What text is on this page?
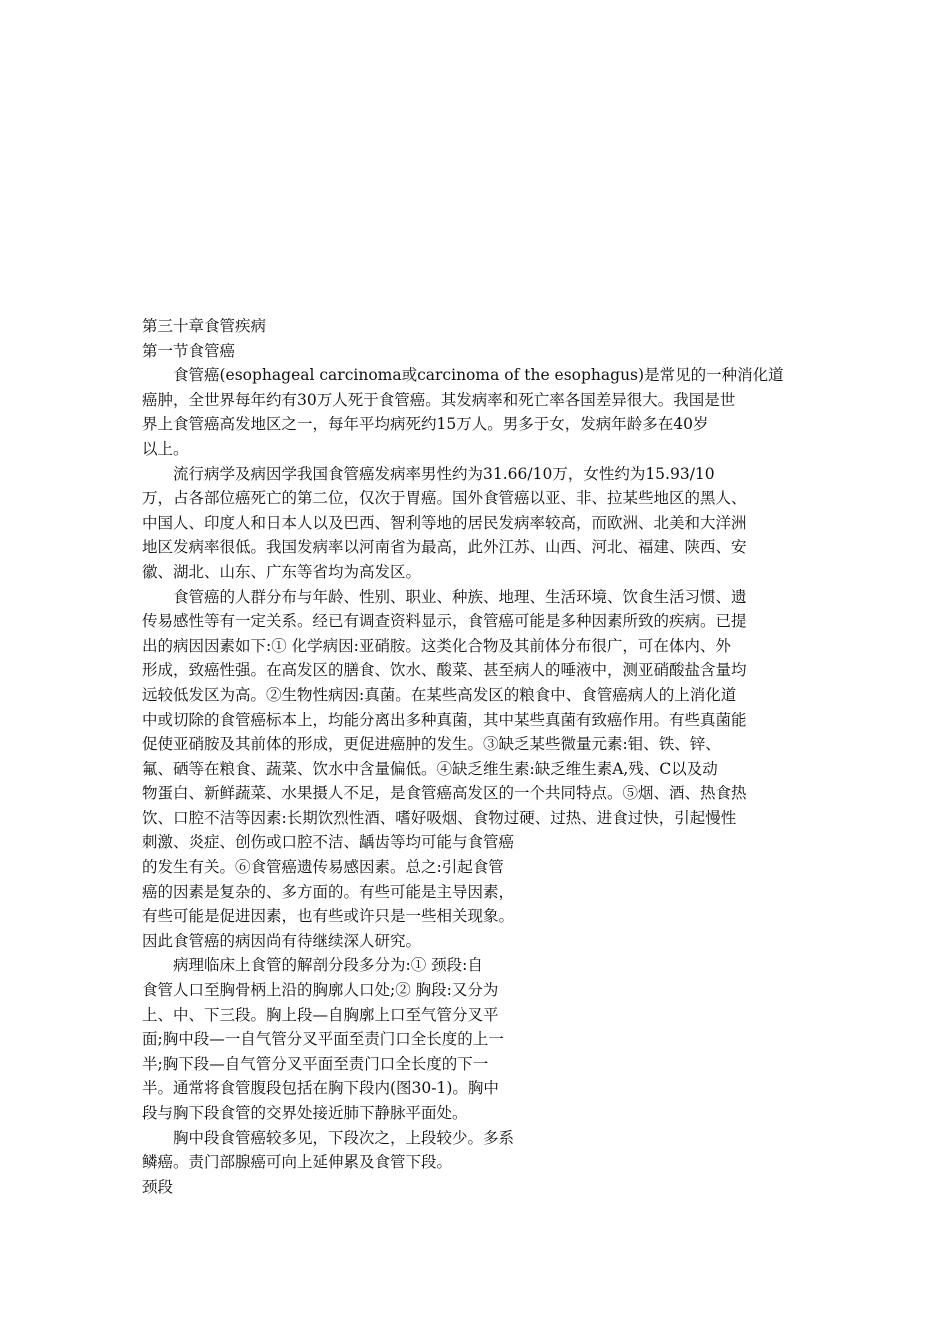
第三十章食管疾病
第一节食管癌
食管癌(esophageal carcinoma或carcinoma of the esophagus)是常见的一种消化道
癌肿，全世界每年约有30万人死于食管癌。其发病率和死亡率各国差异很大。我国是世
界上食管癌高发地区之一，每年平均病死约15万人。男多于女，发病年龄多在40岁
以上。
流行病学及病因学我国食管癌发病率男性约为31.66/10万，女性约为15.93/10
万，占各部位癌死亡的第二位，仅次于胃癌。国外食管癌以亚、非、拉某些地区的黑人、
中国人、印度人和日本人以及巴西、智利等地的居民发病率较高，而欧洲、北美和大洋洲
地区发病率很低。我国发病率以河南省为最高，此外江苏、山西、河北、福建、陕西、安
徽、湖北、山东、广东等省均为高发区。
食管癌的人群分布与年龄、性别、职业、种族、地理、生活环境、饮食生活习惯、遗
传易感性等有一定关系。经已有调查资料显示，食管癌可能是多种因素所致的疾病。已提
出的病因因素如下:① 化学病因:亚硝胺。这类化合物及其前体分布很广，可在体内、外
形成，致癌性强。在高发区的膳食、饮水、酸菜、甚至病人的唾液中，测亚硝酸盐含量均
远较低发区为高。②生物性病因:真菌。在某些高发区的粮食中、食管癌病人的上消化道
中或切除的食管癌标本上，均能分离出多种真菌，其中某些真菌有致癌作用。有些真菌能
促使亚硝胺及其前体的形成，更促进癌肿的发生。③缺乏某些微量元素:钼、铁、锌、
氟、硒等在粮食、蔬菜、饮水中含量偏低。④缺乏维生素:缺乏维生素A,残、C以及动
物蛋白、新鲜蔬菜、水果摄人不足，是食管癌高发区的一个共同特点。⑤烟、酒、热食热
饮、口腔不洁等因素:长期饮烈性酒、嗜好吸烟、食物过硬、过热、进食过快，引起慢性
刺激、炎症、创伤或口腔不洁、龋齿等均可能与食管癌
的发生有关。⑥食管癌遗传易感因素。总之:引起食管
癌的因素是复杂的、多方面的。有些可能是主导因素，
有些可能是促进因素，也有些或许只是一些相关现象。
因此食管癌的病因尚有待继续深人研究。
病理临床上食管的解剖分段多分为:① 颈段:自
食管人口至胸骨柄上沿的胸廓人口处;② 胸段:又分为
上、中、下三段。胸上段—自胸廓上口至气管分叉平
面;胸中段—一自气管分叉平面至责门口全长度的上一
半;胸下段—自气管分叉平面至责门口全长度的下一
半。通常将食管腹段包括在胸下段内(图30-1)。胸中
段与胸下段食管的交界处接近肺下静脉平面处。
胸中段食管癌较多见，下段次之，上段较少。多系
鳞癌。责门部腺癌可向上延伸累及食管下段。
颈段
